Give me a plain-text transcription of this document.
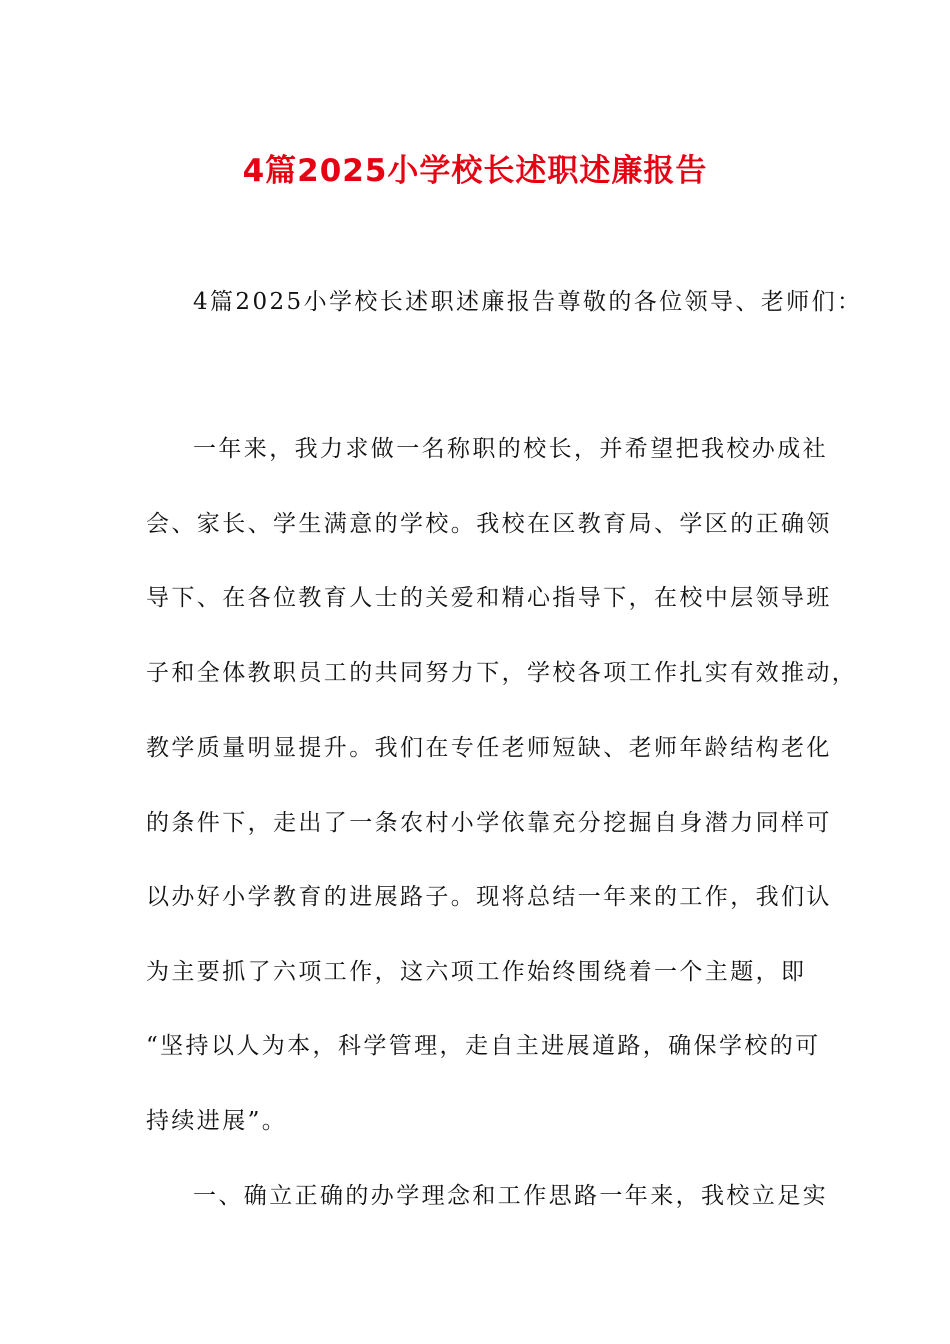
4篇2025小学校长述职述廉报告
4篇2025小学校长述职述廉报告尊敬的各位领导、老师们：
一年来，我力求做一名称职的校长，并希望把我校办成社
会、家长、学生满意的学校。我校在区教育局、学区的正确领
导下、在各位教育人士的关爱和精心指导下，在校中层领导班
子和全体教职员工的共同努力下，学校各项工作扎实有效推动，
教学质量明显提升。我们在专任老师短缺、老师年龄结构老化
的条件下，走出了一条农村小学依靠充分挖掘自身潜力同样可
以办好小学教育的进展路子。现将总结一年来的工作，我们认
为主要抓了六项工作，这六项工作始终围绕着一个主题，即
“坚持以人为本，科学管理，走自主进展道路，确保学校的可
持续进展”。
一、确立正确的办学理念和工作思路一年来，我校立足实
